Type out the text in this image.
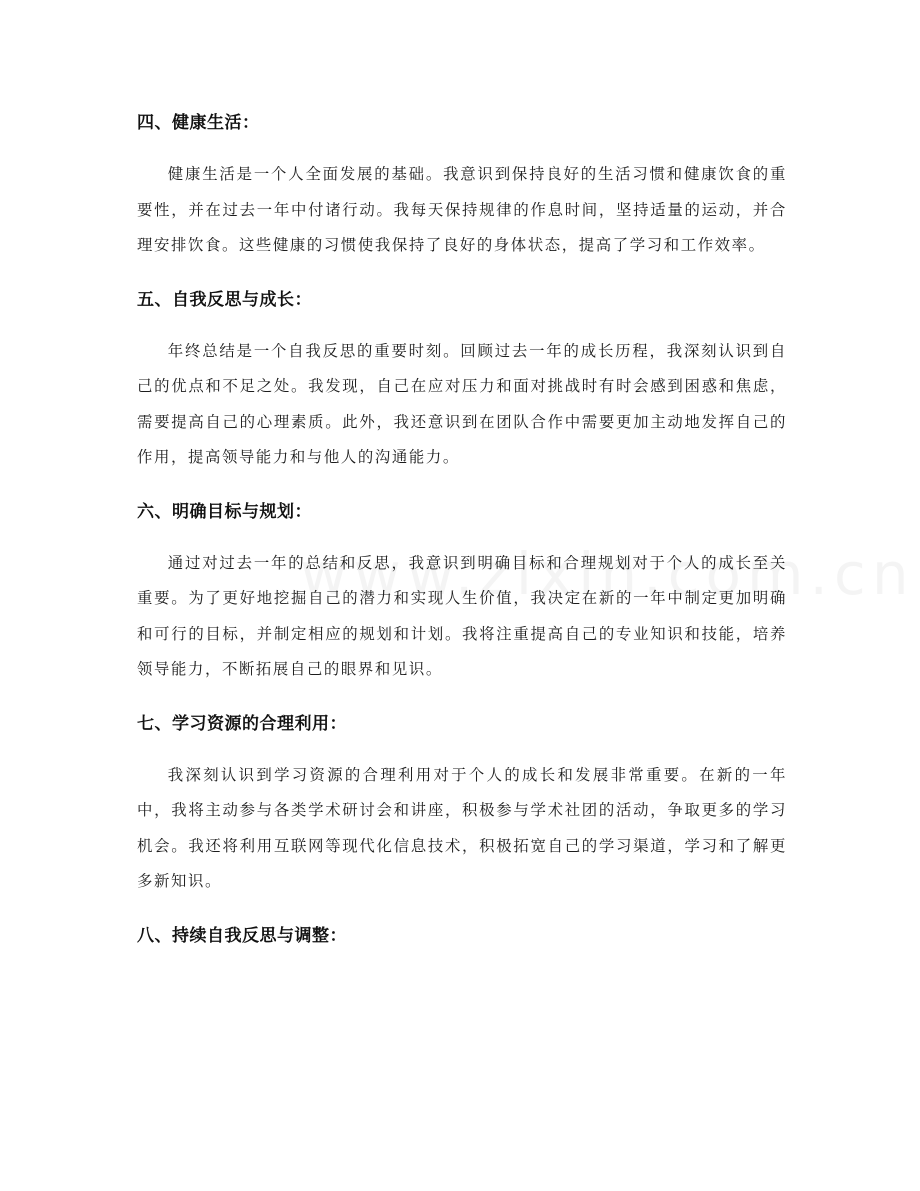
四、健康生活：

健康生活是一个人全面发展的基础。我意识到保持良好的生活习惯和健康饮食的重要性，并在过去一年中付诸行动。我每天保持规律的作息时间，坚持适量的运动，并合理安排饮食。这些健康的习惯使我保持了良好的身体状态，提高了学习和工作效率。

五、自我反思与成长：

年终总结是一个自我反思的重要时刻。回顾过去一年的成长历程，我深刻认识到自己的优点和不足之处。我发现，自己在应对压力和面对挑战时有时会感到困惑和焦虑，需要提高自己的心理素质。此外，我还意识到在团队合作中需要更加主动地发挥自己的作用，提高领导能力和与他人的沟通能力。

六、明确目标与规划：

通过对过去一年的总结和反思，我意识到明确目标和合理规划对于个人的成长至关重要。为了更好地挖掘自己的潜力和实现人生价值，我决定在新的一年中制定更加明确和可行的目标，并制定相应的规划和计划。我将注重提高自己的专业知识和技能，培养领导能力，不断拓展自己的眼界和见识。

七、学习资源的合理利用：

我深刻认识到学习资源的合理利用对于个人的成长和发展非常重要。在新的一年中，我将主动参与各类学术研讨会和讲座，积极参与学术社团的活动，争取更多的学习机会。我还将利用互联网等现代化信息技术，积极拓宽自己的学习渠道，学习和了解更多新知识。

八、持续自我反思与调整：
